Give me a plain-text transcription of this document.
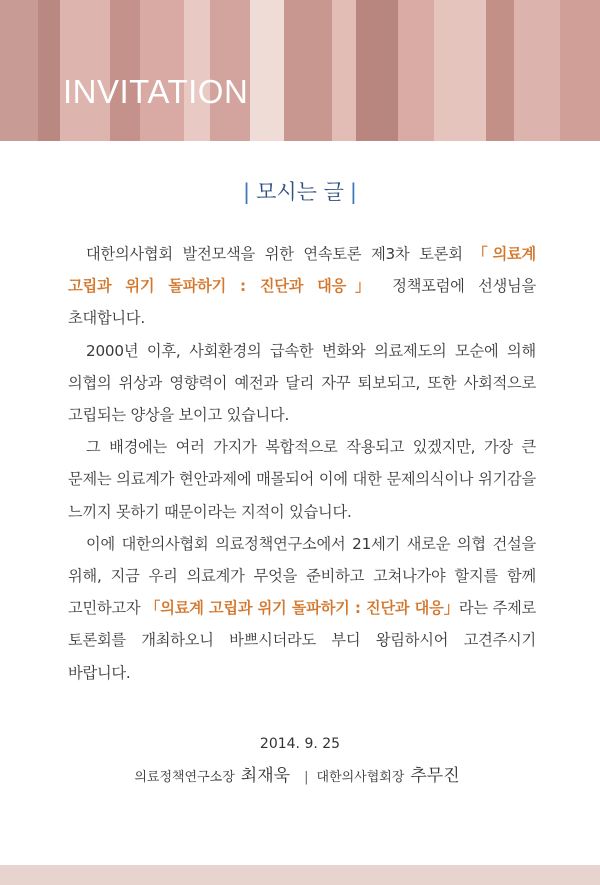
INVITATION
| 모시는 글 |

대한의사협회 발전모색을 위한 연속토론 제3차 토론회 「의료계 고립과 위기 돌파하기 : 진단과 대응」 정책포럼에 선생님을 초대합니다.

2000년 이후, 사회환경의 급속한 변화와 의료제도의 모순에 의해 의협의 위상과 영향력이 예전과 달리 자꾸 퇴보되고, 또한 사회적으로 고립되는 양상을 보이고 있습니다.

그 배경에는 여러 가지가 복합적으로 작용되고 있겠지만, 가장 큰 문제는 의료계가 현안과제에 매몰되어 이에 대한 문제의식이나 위기감을 느끼지 못하기 때문이라는 지적이 있습니다.

이에 대한의사협회 의료정책연구소에서 21세기 새로운 의협 건설을 위해, 지금 우리 의료계가 무엇을 준비하고 고쳐나가야 할지를 함께 고민하고자 「의료계 고립과 위기 돌파하기 : 진단과 대응」라는 주제로 토론회를 개최하오니 바쁘시더라도 부디 왕림하시어 고견주시기 바랍니다.

2014. 9. 25
의료정책연구소장 최재욱 | 대한의사협회장 추무진
